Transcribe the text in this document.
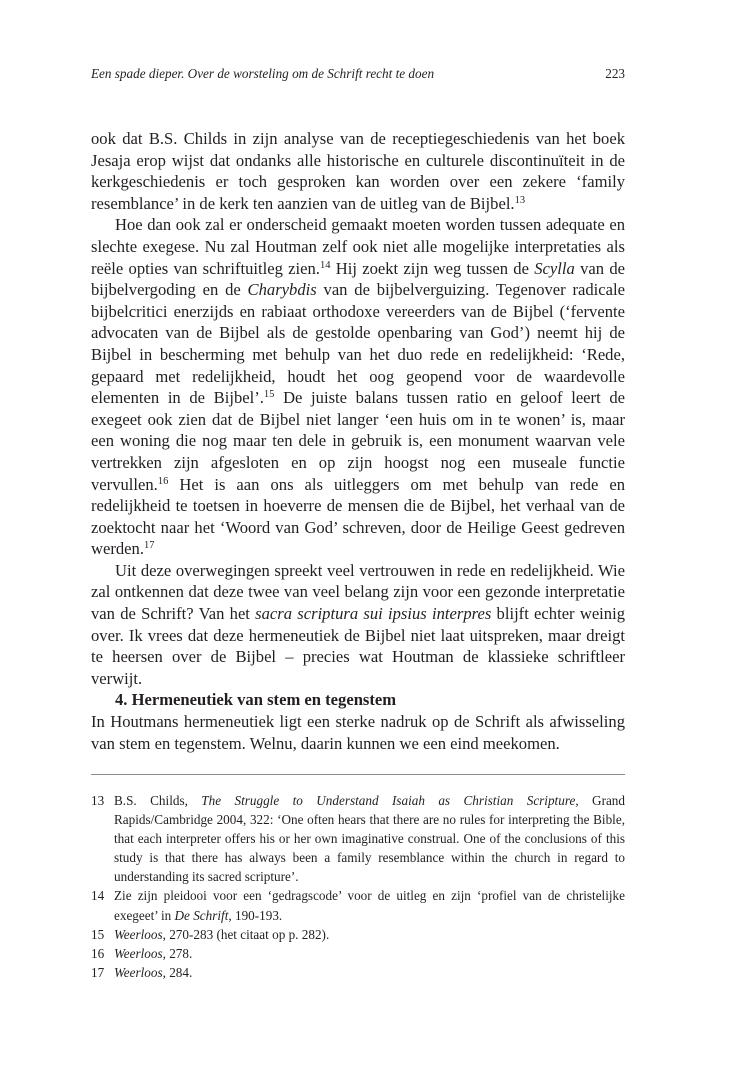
Een spade dieper. Over de worsteling om de Schrift recht te doen	223

ook dat B.S. Childs in zijn analyse van de receptiegeschiedenis van het boek Jesaja erop wijst dat ondanks alle historische en culturele discontinuïteit in de kerkgeschiedenis er toch gesproken kan worden over een zekere ‘family resemblance’ in de kerk ten aanzien van de uitleg van de Bijbel.$^{13}$

Hoe dan ook zal er onderscheid gemaakt moeten worden tussen adequate en slechte exegese. Nu zal Houtman zelf ook niet alle mogelijke interpretaties als reële opties van schriftuitleg zien.$^{14}$ Hij zoekt zijn weg tussen de Scylla van de bijbelvergoding en de Charybdis van de bijbelverguizing. Tegenover radicale bijbelcritici enerzijds en rabiaat orthodoxe vereerders van de Bijbel (‘fervente advocaten van de Bijbel als de gestolde openbaring van God’) neemt hij de Bijbel in bescherming met behulp van het duo rede en redelijkheid: ‘Rede, gepaard met redelijkheid, houdt het oog geopend voor de waardevolle elementen in de Bijbel’.$^{15}$ De juiste balans tussen ratio en geloof leert de exegeet ook zien dat de Bijbel niet langer ‘een huis om in te wonen’ is, maar een woning die nog maar ten dele in gebruik is, een monument waarvan vele vertrekken zijn afgesloten en op zijn hoogst nog een museale functie vervullen.$^{16}$ Het is aan ons als uitleggers om met behulp van rede en redelijkheid te toetsen in hoeverre de mensen die de Bijbel, het verhaal van de zoektocht naar het ‘Woord van God’ schreven, door de Heilige Geest gedreven werden.$^{17}$

Uit deze overwegingen spreekt veel vertrouwen in rede en redelijkheid. Wie zal ontkennen dat deze twee van veel belang zijn voor een gezonde interpretatie van de Schrift? Van het sacra scriptura sui ipsius interpres blijft echter weinig over. Ik vrees dat deze hermeneutiek de Bijbel niet laat uitspreken, maar dreigt te heersen over de Bijbel – precies wat Houtman de klassieke schriftleer verwijt.

4. Hermeneutiek van stem en tegenstem

In Houtmans hermeneutiek ligt een sterke nadruk op de Schrift als afwisseling van stem en tegenstem. Welnu, daarin kunnen we een eind meekomen.

13 B.S. Childs, The Struggle to Understand Isaiah as Christian Scripture, Grand Rapids/Cambridge 2004, 322: ‘One often hears that there are no rules for interpreting the Bible, that each interpreter offers his or her own imaginative construal. One of the conclusions of this study is that there has always been a family resemblance within the church in regard to understanding its sacred scripture’.
14 Zie zijn pleidooi voor een ‘gedragscode’ voor de uitleg en zijn ‘profiel van de christelijke exegeet’ in De Schrift, 190-193.
15 Weerloos, 270-283 (het citaat op p. 282).
16 Weerloos, 278.
17 Weerloos, 284.
